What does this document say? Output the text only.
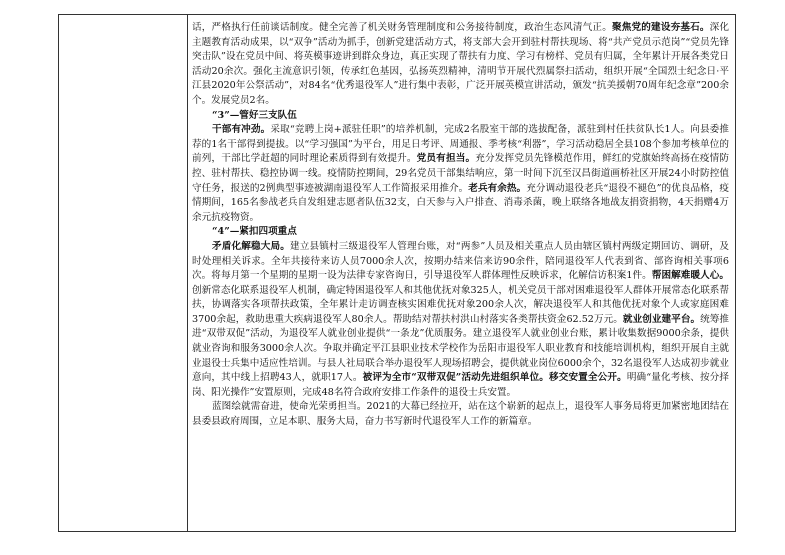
话，严格执行任前谈话制度。健全完善了机关财务管理制度和公务接待制度，政治生态风清气正。聚焦党的建设夯基石。深化主题教育活动成果，以“双争”活动为抓手，创新党建活动方式，将支部大会开到驻村帮扶现场、将“共产党员示范岗”“党员先锋突击队”设在党员中间、将英模事迹讲到群众身边，真正实现了帮扶有力度、学习有榜样、党员有归属，全年累计开展各类党日活动20余次。强化主流意识引领，传承红色基因，弘扬英烈精神，清明节开展代烈属祭扫活动，组织开展“全国烈士纪念日·平江县2020年公祭活动”，对84名“优秀退役军人”进行集中表彰，广泛开展英模宣讲活动，颁发“抗美援朝70周年纪念章”200余个。发展党员2名。

“3”—管好三支队伍

干部有冲劲。采取“竞聘上岗+派驻任职”的培养机制，完成2名股室干部的选拔配备，派驻到村任扶贫队长1人。向县委推荐的1名干部得到提拔。以“学习强国”为平台，用足日考评、周通报、季考核“利器”，学习活动稳居全县108个参加考核单位的前列，干部比学赶超的同时理论素质得到有效提升。党员有担当。充分发挥党员先锋模范作用，鲜红的党旗始终高扬在疫情防控、驻村帮扶、稳控协调一线。疫情防控期间，29名党员干部集结响应，第一时间下沉至汉昌街道画桥社区开展24小时防控值守任务，报送的2例典型事迹被湖南退役军人工作简报采用推介。老兵有余热。充分调动退役老兵“退役不褪色”的优良品格，疫情期间，165名参战老兵自发组建志愿者队伍32支，白天参与入户排查、消毒杀菌，晚上联络各地战友捐资捐物，4天捐赠4万余元抗疫物资。

“4”—紧扣四项重点

矛盾化解稳大局。建立县镇村三级退役军人管理台账，对“两参”人员及相关重点人员由辖区镇村两级定期回访、调研，及时处理相关诉求。全年共接待来访人员7000余人次，按期办结来信来访90余件，陪同退役军人代表到省、部咨询相关事项6次。将每月第一个星期的星期一设为法律专家咨询日，引导退役军人群体理性反映诉求，化解信访积案1件。帮困解难暖人心。创新常态化联系退役军人机制，确定特困退役军人和其他优抚对象325人，机关党员干部对困难退役军人群体开展常态化联系帮扶，协调落实各项帮扶政策，全年累计走访调查核实困难优抚对象200余人次，解决退役军人和其他优抚对象个人或家庭困难3700余起，救助患重大疾病退役军人80余人。帮助结对帮扶村洪山村落实各类帮扶资金62.52万元。就业创业建平台。统筹推进“双带双促”活动，为退役军人就业创业提供“一条龙”优质服务。建立退役军人就业创业台账，累计收集数据9000余条，提供就业咨询和服务3000余人次。争取并确定平江县职业技术学校作为岳阳市退役军人职业教育和技能培训机构，组织开展自主就业退役士兵集中适应性培训。与县人社局联合举办退役军人现场招聘会，提供就业岗位6000余个，32名退役军人达成初步就业意向，其中线上招聘43人，就职17人。被评为全市“双带双促”活动先进组织单位。移交安置全公开。明确“量化考核、按分择岗、阳光操作”安置原则，完成48名符合政府安排工作条件的退役士兵安置。

蓝图绘就需奋进，使命光荣勇担当。2021的大幕已经拉开，站在这个崭新的起点上，退役军人事务局将更加紧密地团结在县委县政府周围，立足本职、服务大局，奋力书写新时代退役军人工作的新篇章。
